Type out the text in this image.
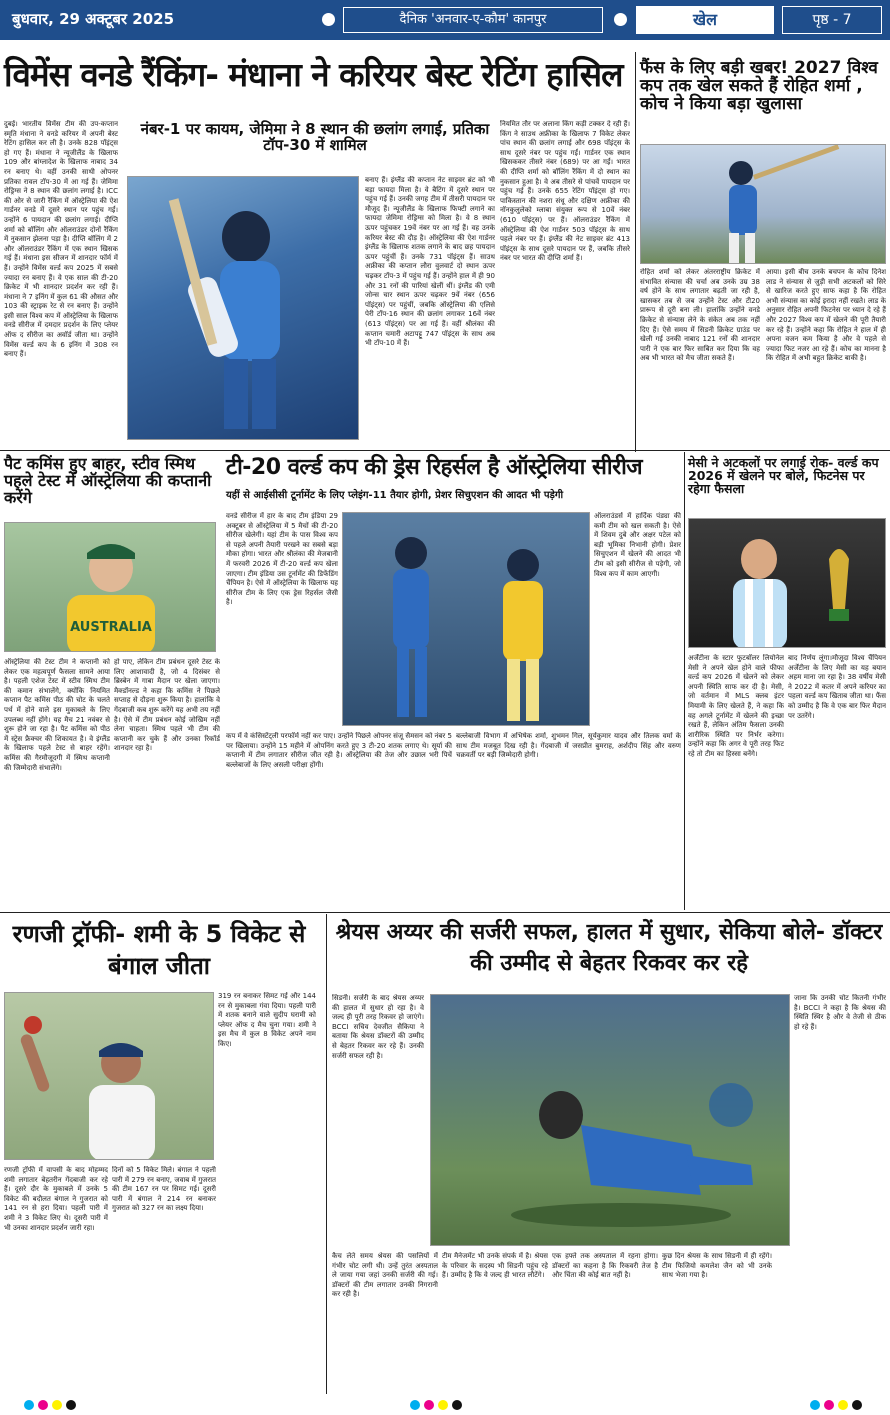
बुधवार, 29 अक्टूबर 2025	दैनिक 'अनवार-ए-कौम' कानपुर	खेल	पृष्ठ - 7
विमेंस वनडे रैंकिंग- मंधाना ने करियर बेस्ट रेटिंग हासिल
दुबई। भारतीय विमेंस टीम की उप-कप्तान स्मृति मंधाना ने वनडे करियर में अपनी बेस्ट रेटिंग हासिल कर ली है। उनके 828 पॉइंट्स हो गए हैं। मंधाना ने न्यूजीलैंड के खिलाफ 109 और बांग्लादेश के खिलाफ नाबाद 34 रन बनाए थे। वहीं उनकी साथी ओपनर प्रतिका रावल टॉप-30 में आ गई हैं। जेमिमा रोड्रिग्स ने 8 स्थान की छलांग लगाई है। ICC की ओर से जारी रैंकिंग में ऑस्ट्रेलिया की ऐश गार्डनर वनडे में दूसरे स्थान पर पहुंच गईं। उन्होंने 6 पायदान की छलांग लगाई। दीप्ति शर्मा को बॉलिंग और ऑलराउंडर दोनों रैंकिंग में नुकसान झेलना पड़ा है। दीप्ति बॉलिंग में 2 और ऑलराउंडर रैंकिंग में एक स्थान खिसक गई हैं। मंधाना इस सीजन में शानदार फॉर्म में हैं। उन्होंने विमेंस वर्ल्ड कप 2025 में सबसे ज्यादा रन बनाए हैं। वे एक साल की टी-20 क्रिकेट में भी शानदार प्रदर्शन कर रही हैं। मंधाना ने 7 इनिंग में कुल 61 की औसत और 103 की स्ट्राइक रेट से रन बनाए हैं। उन्होंने इसी साल विश्व कप में ऑस्ट्रेलिया के खिलाफ वनडे सीरीज में दमदार प्रदर्शन के लिए प्लेयर ऑफ द सीरीज का अवॉर्ड जीता था। उन्होंने विमेंस वर्ल्ड कप के 6 इनिंग में 308 रन बनाए हैं।
नंबर-1 पर कायम, जेमिमा ने 8 स्थान की छलांग लगाई, प्रतिका टॉप-30 में शामिल
बनाए हैं। इंग्लैंड की कप्तान नेट साइवर ब्रंट को भी बड़ा फायदा मिला है। वे बैटिंग में दूसरे स्थान पर पहुंच गई हैं। उनकी जगह टीम में तीसरी पायदान पर मौजूद हैं। न्यूजीलैंड के खिलाफ फिफ्टी लगाने का फायदा जेमिमा रोड्रिग्स को मिला है। वे 8 स्थान ऊपर पहुंचकर 19वें नंबर पर आ गई हैं। वह उनके करियर बेस्ट की दौड़ है। ऑस्ट्रेलिया की ऐश गार्डनर इंग्लैंड के खिलाफ शतक लगाने के बाद छह पायदान ऊपर पहुंचीं हैं। उनके 731 पॉइंट्स हैं। साउथ अफ्रीका की कप्तान लौरा वुलवार्ट दो स्थान ऊपर चढ़कर टॉप-3 में पहुंच गई हैं। उन्होंने हाल में ही 90 और 31 रनों की पारियां खेलीं थीं। इंग्लैंड की एमी जोन्स चार स्थान ऊपर चढ़कर 9वें नंबर (656 पॉइंट्स) पर पहुंचीं, जबकि ऑस्ट्रेलिया की एलिसे पेरी टॉप-16 स्थान की छलांग लगाकर 16वें नंबर (613 पॉइंट्स) पर आ गई हैं। वहीं श्रीलंका की कप्तान चमारी अटापट्टू 747 पॉइंट्स के साथ अब भी टॉप-10 में हैं।
नियमित तौर पर अलाना किंग कड़ी टक्कर दे रही हैं। किंग ने साउथ अफ्रीका के खिलाफ 7 विकेट लेकर पांच स्थान की छलांग लगाई और 698 पॉइंट्स के साथ दूसरे नंबर पर पहुंच गईं। गार्डनर एक स्थान खिसककर तीसरे नंबर (689) पर आ गईं। भारत की दीप्ति शर्मा को बॉलिंग रैंकिंग में दो स्थान का नुकसान हुआ है। वे अब तीसरे से पांचवें पायदान पर पहुंच गई हैं। उनके 655 रेटिंग पॉइंट्स हो गए। पाकिस्तान की नशरा संधू और दक्षिण अफ्रीका की नॉनकुलुलेको म्लाबा संयुक्त रूप से 10वें नंबर (610 पॉइंट्स) पर हैं। ऑलराउंडर रैंकिंग में ऑस्ट्रेलिया की ऐश गार्डनर 503 पॉइंट्स के साथ पहले नंबर पर हैं। इंग्लैंड की नेट साइवर ब्रंट 413 पॉइंट्स के साथ दूसरे पायदान पर हैं, जबकि तीसरे नंबर पर भारत की दीप्ति शर्मा हैं।
फैंस के लिए बड़ी खबर! 2027 विश्व कप तक खेल सकते हैं रोहित शर्मा , कोच ने किया बड़ा खुलासा
रोहित शर्मा को लेकर अंतरराष्ट्रीय क्रिकेट में संभावित संन्यास की चर्चा अब उनके उम्र 38 वर्ष होने के साथ लगातार बढ़ती जा रही है, खासकर तब से जब उन्होंने टेस्ट और टी20 प्रारूप से दूरी बना ली। हालांकि उन्होंने वनडे क्रिकेट से संन्यास लेने के संकेत अब तक नहीं दिए हैं। ऐसे समय में सिडनी क्रिकेट ग्राउंड पर खेली गई उनकी नाबाद 121 रनों की शानदार पारी ने एक बार फिर साबित कर दिया कि वह अब भी भारत को मैच जीता सकते हैं।
आया। इसी बीच उनके बचपन के कोच दिनेश लाड ने संन्यास से जुड़ी सभी अटकलों को सिरे से खारिज करते हुए साफ कहा है कि रोहित अभी संन्यास का कोई इरादा नहीं रखते। लाड के अनुसार रोहित अपनी फिटनेस पर ध्यान दे रहे हैं और 2027 विश्व कप में खेलने की पूरी तैयारी कर रहे हैं। उन्होंने कहा कि रोहित ने हाल में ही अपना वजन कम किया है और वे पहले से ज्यादा फिट नजर आ रहे हैं। कोच का मानना है कि रोहित में अभी बहुत क्रिकेट बाकी है।
पैट कमिंस हुए बाहर, स्टीव स्मिथ पहले टेस्ट में ऑस्ट्रेलिया की कप्तानी करेंगे
AUSTRALIA
ऑस्ट्रेलिया की टेस्ट टीम ने कप्तानी को लेकर एक महत्वपूर्ण फैसला सामने आया है। पहली एशेज टेस्ट में स्टीव स्मिथ टीम की कमान संभालेंगे, क्योंकि नियमित कप्तान पैट कमिंस पीठ की चोट के चलते पर्थ में होने वाले इस मुकाबले के लिए उपलब्ध नहीं होंगे। यह मैच 21 नवंबर से शुरू होने जा रहा है। पैट कमिंस को पीठ में स्ट्रेस फ्रैक्चर की शिकायत है। वे इंग्लैंड के खिलाफ पहले टेस्ट से बाहर रहेंगे। कमिंस की गैरमौजूदगी में स्मिथ कप्तानी की जिम्मेदारी संभालेंगे।
हो पाए, लेकिन टीम प्रबंधन दूसरे टेस्ट के लिए आशावादी है, जो 4 दिसंबर से ब्रिस्बेन में गाबा मैदान पर खेला जाएगा। मैक्डॉनल्ड ने कहा कि कमिंस ने पिछले सप्ताह से दौड़ना शुरू किया है। हालांकि वे गेंदबाजी कब शुरू करेंगे यह अभी तय नहीं है। ऐसे में टीम प्रबंधन कोई जोखिम नहीं लेना चाहता। स्मिथ पहले भी टीम की कप्तानी कर चुके हैं और उनका रिकॉर्ड शानदार रहा है।
टी-20 वर्ल्ड कप की ड्रेस रिहर्सल है ऑस्ट्रेलिया सीरीज
यहीं से आईसीसी टूर्नामेंट के लिए प्लेइंग-11 तैयार होगी, प्रेशर सिचुएशन की आदत भी पड़ेगी
वनडे सीरीज में हार के बाद टीम इंडिया 29 अक्टूबर से ऑस्ट्रेलिया में 5 मैचों की टी-20 सीरीज खेलेगी। यहां टीम के पास विश्व कप से पहले अपनी तैयारी परखने का सबसे बड़ा मौका होगा। भारत और श्रीलंका की मेजबानी में फरवरी 2026 में टी-20 वर्ल्ड कप खेला जाएगा। टीम इंडिया उस टूर्नामेंट की डिफेंडिंग चैंपियन है। ऐसे में ऑस्ट्रेलिया के खिलाफ यह सीरीज टीम के लिए एक ड्रेस रिहर्सल जैसी है।
ऑलराउंडर्स में हार्दिक पंड्या की कमी टीम को खल सकती है। ऐसे में शिवम दुबे और अक्षर पटेल को बड़ी भूमिका निभानी होगी। प्रेशर सिचुएशन में खेलने की आदत भी टीम को इसी सीरीज से पड़ेगी, जो विश्व कप में काम आएगी।
कप में वे कंसिस्टेंट्ली परफॉर्म नहीं कर पाए। उन्होंने पिछले ओपनर संजू सैमसन को नंबर 5 पर खिलाया। उन्होंने 15 महीने में ओपनिंग करते हुए 3 टी-20 शतक लगाए थे। सूर्या की कप्तानी में टीम लगातार सीरीज जीत रही है। ऑस्ट्रेलिया की तेज और उछाल भरी पिचें बल्लेबाजों के लिए असली परीक्षा होंगी।
बल्लेबाजी विभाग में अभिषेक शर्मा, शुभमन गिल, सूर्यकुमार यादव और तिलक वर्मा के साथ टीम मजबूत दिख रही है। गेंदबाजी में जसप्रीत बुमराह, अर्शदीप सिंह और वरुण चक्रवर्ती पर बड़ी जिम्मेदारी होगी।
मेसी ने अटकलों पर लगाई रोक- वर्ल्ड कप 2026 में खेलने पर बोले, फिटनेस पर रहेगा फैसला
अर्जेंटीना के स्टार फुटबॉलर लियोनेल मेसी ने अपने खेल होने वाले फीफा वर्ल्ड कप 2026 में खेलने को लेकर अपनी स्थिति साफ कर दी है। मेसी, जो वर्तमान में MLS क्लब इंटर मियामी के लिए खेलते हैं, ने कहा कि वह अगले टूर्नामेंट में खेलने की इच्छा रखते हैं, लेकिन अंतिम फैसला उनकी शारीरिक स्थिति पर निर्भर करेगा। उन्होंने कहा कि अगर वे पूरी तरह फिट रहे तो टीम का हिस्सा बनेंगे।
बाद निर्णय लूंगा।मौजूदा विश्व चैंपियन अर्जेंटीना के लिए मेसी का यह बयान अहम माना जा रहा है। 38 वर्षीय मेसी ने 2022 में कतर में अपने करियर का पहला वर्ल्ड कप खिताब जीता था। फैंस को उम्मीद है कि वे एक बार फिर मैदान पर उतरेंगे।
रणजी ट्रॉफी- शमी के 5 विकेट से बंगाल जीता
319 रन बनाकर सिमट गई और 144 रन से मुकाबला गंवा दिया। पहली पारी में शतक बनाने वाले सुदीप घरामी को प्लेयर ऑफ द मैच चुना गया। शमी ने इस मैच में कुल 8 विकेट अपने नाम किए।
रणजी ट्रॉफी में वापसी के बाद मोहम्मद शमी लगातार बेहतरीन गेंदबाजी कर रहे हैं। दूसरे दौर के मुकाबले में उनके 5 विकेट की बदौलत बंगाल ने गुजरात को 141 रन से हरा दिया। पहली पारी में शमी ने 3 विकेट लिए थे। दूसरी पारी में भी उनका शानदार प्रदर्शन जारी रहा।
दिनों को 5 विकेट मिले। बंगाल ने पहली पारी में 279 रन बनाए, जवाब में गुजरात की टीम 167 रन पर सिमट गई। दूसरी पारी में बंगाल ने 214 रन बनाकर गुजरात को 327 रन का लक्ष्य दिया।
श्रेयस अय्यर की सर्जरी सफल, हालत में सुधार, सेकिया बोले- डॉक्टर की उम्मीद से बेहतर रिकवर कर रहे
सिडनी। सर्जरी के बाद श्रेयस अय्यर की हालत में सुधार हो रहा है। वे जल्द ही पूरी तरह रिकवर हो जाएंगे। BCCI सचिव देवजीत सैकिया ने बताया कि श्रेयस डॉक्टरों की उम्मीद से बेहतर रिकवर कर रहे हैं। उनकी सर्जरी सफल रही है।
जाना कि उनकी चोट कितनी गंभीर है। BCCI ने कहा है कि श्रेयस की स्थिति स्थिर है और वे तेजी से ठीक हो रहे हैं।
कैच लेते समय श्रेयस की पसलियों में गंभीर चोट लगी थी। उन्हें तुरंत अस्पताल ले जाया गया जहां उनकी सर्जरी की गई। डॉक्टरों की टीम लगातार उनकी निगरानी कर रही है।
टीम मैनेजमेंट भी उनके संपर्क में है। श्रेयस के परिवार के सदस्य भी सिडनी पहुंच रहे हैं। उम्मीद है कि वे जल्द ही भारत लौटेंगे।
एक हफ्ते तक अस्पताल में रहना होगा। डॉक्टरों का कहना है कि रिकवरी तेज है और चिंता की कोई बात नहीं है।
कुछ दिन श्रेयस के साथ सिडनी में ही रहेंगे। टीम फिजियो कमलेश जैन को भी उनके साथ भेजा गया है।
